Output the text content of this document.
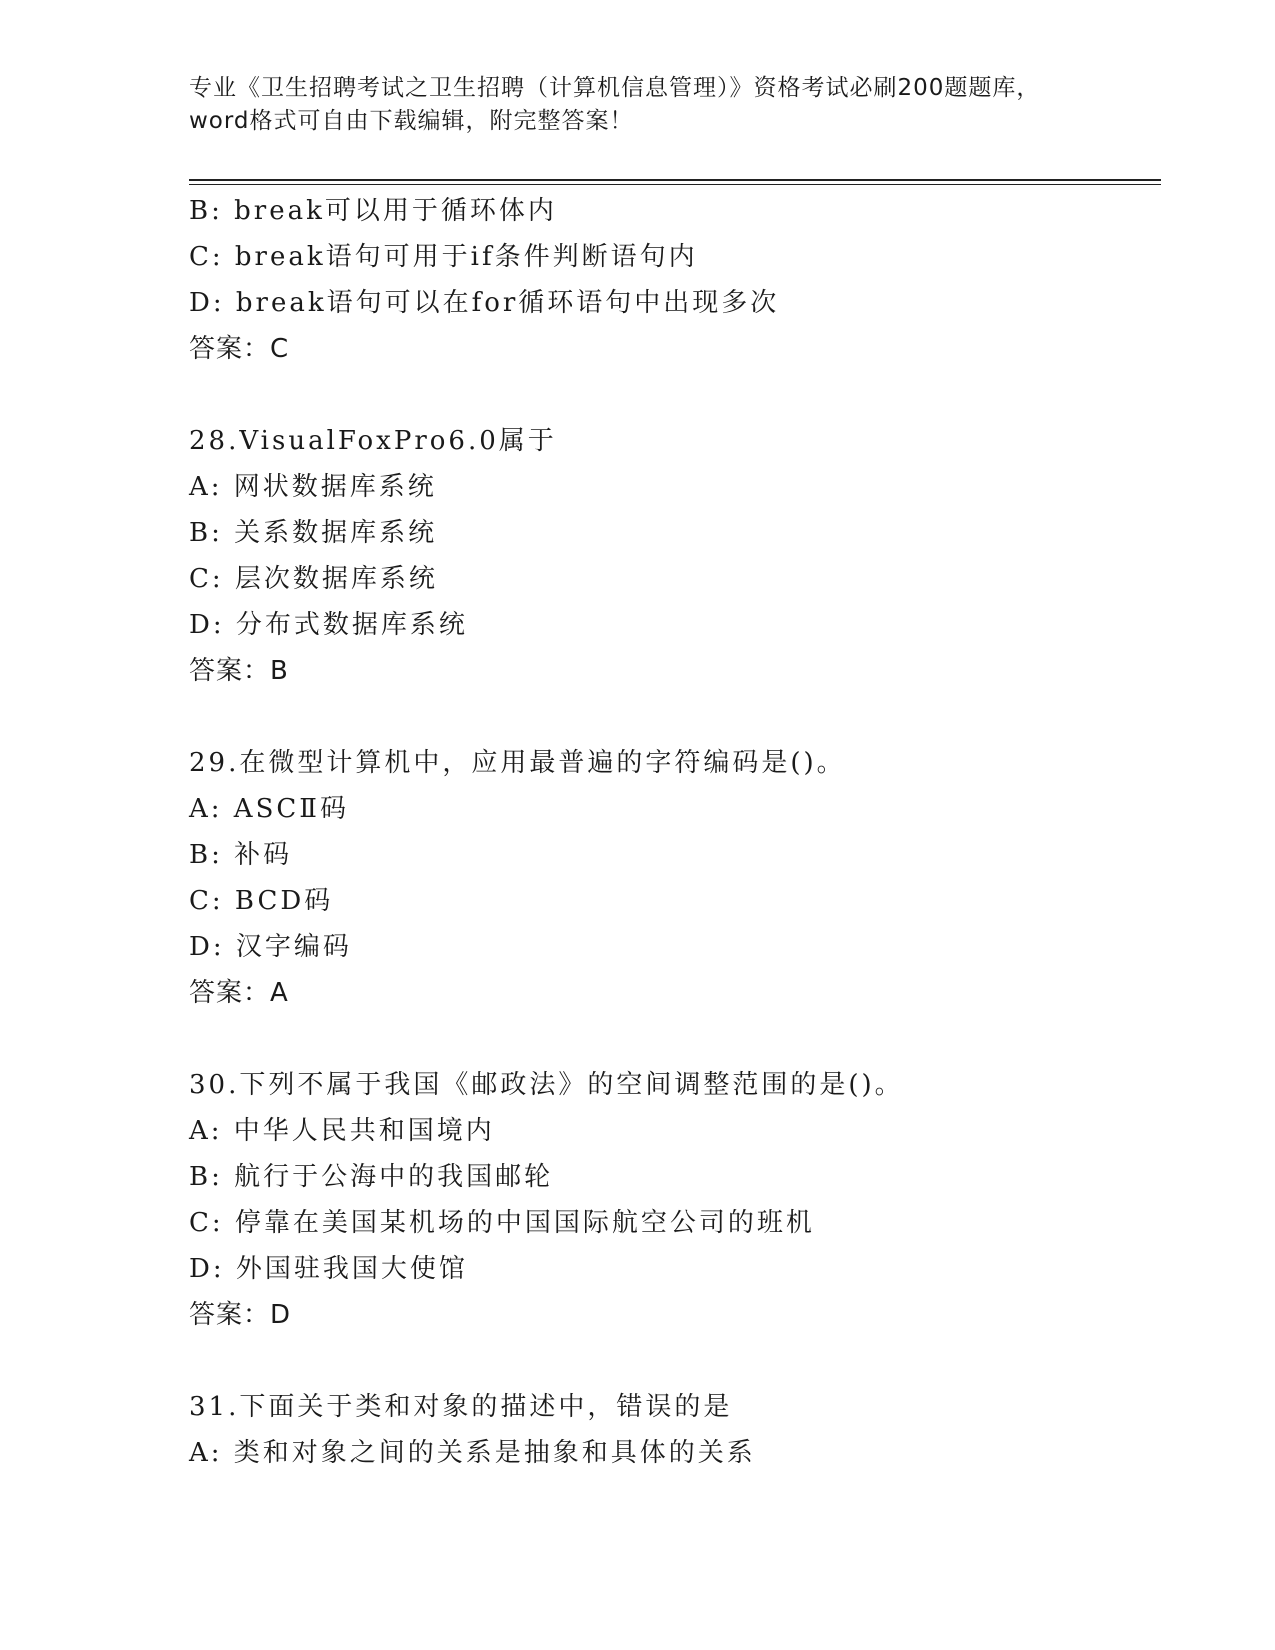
专业《卫生招聘考试之卫生招聘（计算机信息管理）》资格考试必刷200题题库，
word格式可自由下载编辑，附完整答案！
B: break可以用于循环体内
C: break语句可用于if条件判断语句内
D: break语句可以在for循环语句中出现多次
答案：C
28.VisualFoxPro6.0属于
A: 网状数据库系统
B: 关系数据库系统
C: 层次数据库系统
D: 分布式数据库系统
答案：B
29.在微型计算机中，应用最普遍的字符编码是()。
A: ASCⅡ码
B: 补码
C: BCD码
D: 汉字编码
答案：A
30.下列不属于我国《邮政法》的空间调整范围的是()。
A: 中华人民共和国境内
B: 航行于公海中的我国邮轮
C: 停靠在美国某机场的中国国际航空公司的班机
D: 外国驻我国大使馆
答案：D
31.下面关于类和对象的描述中，错误的是
A: 类和对象之间的关系是抽象和具体的关系
